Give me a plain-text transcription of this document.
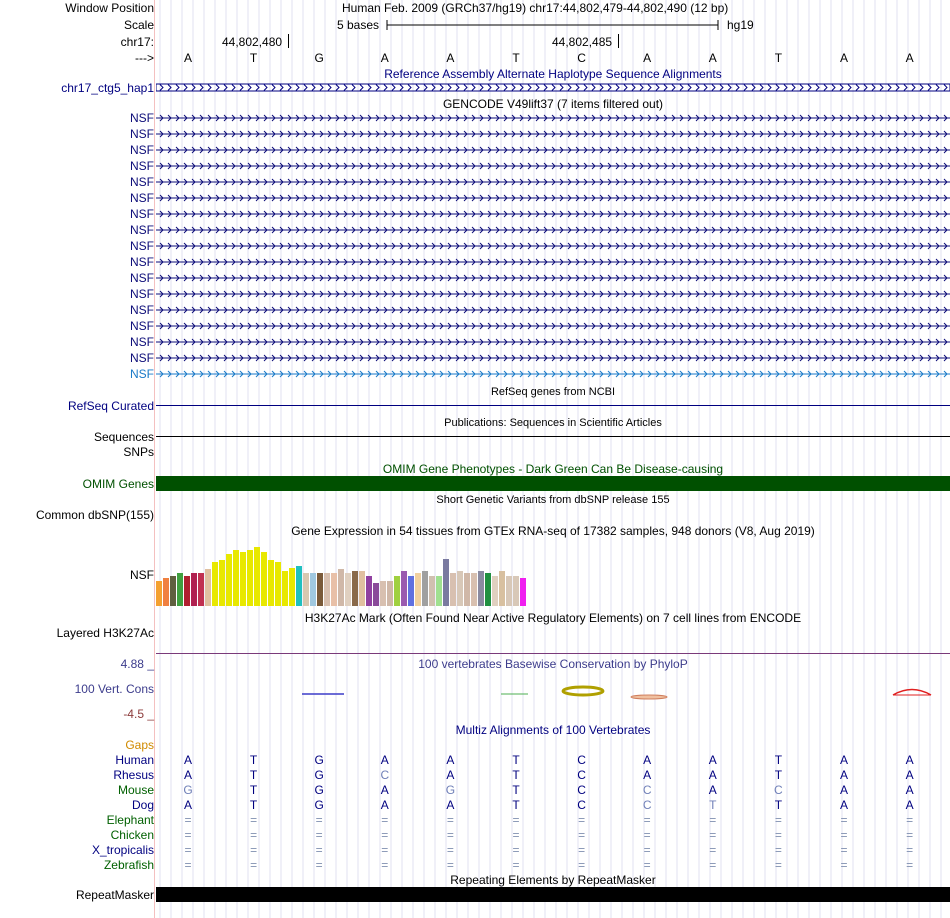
Window Position	Human Feb. 2009 (GRCh37/hg19) chr17:44,802,479-44,802,490 (12 bp)
Scale	5 bases	hg19
chr17:	44,802,480	44,802,485
---> A	T	G	A	A	T	C	A	A	T	A	A
Reference Assembly Alternate Haplotype Sequence Alignments
chr17_ctg5_hap1
GENCODE V49lift37 (7 items filtered out)
NSF
NSF
NSF
NSF
NSF
NSF
NSF
NSF
NSF
NSF
NSF
NSF
NSF
NSF
NSF
NSF
NSF
RefSeq genes from NCBI
RefSeq Curated
Publications: Sequences in Scientific Articles
Sequences
SNPs
OMIM Gene Phenotypes - Dark Green Can Be Disease-causing
OMIM Genes
Short Genetic Variants from dbSNP release 155
Common dbSNP(155)
Gene Expression in 54 tissues from GTEx RNA-seq of 17382 samples, 948 donors (V8, Aug 2019)
NSF
H3K27Ac Mark (Often Found Near Active Regulatory Elements) on 7 cell lines from ENCODE
Layered H3K27Ac
4.88 _	100 vertebrates Basewise Conservation by PhyloP
100 Vert. Cons
-4.5 _
Multiz Alignments of 100 Vertebrates
Gaps
Human A	T	G	A	A	T	C	A	A	T	A	A
Rhesus A	T	G	C	A	T	C	A	A	T	A	A
Mouse G	T	G	A	G	T	C	C	A	C	A	A
Dog A	T	G	A	A	T	C	C	T	T	A	A
Elephant	=	=	=	=	=	=	=	=	=	=	=	=
Chicken	=	=	=	=	=	=	=	=	=	=	=	=
X_tropicalis	=	=	=	=	=	=	=	=	=	=	=	=
Zebrafish	=	=	=	=	=	=	=	=	=	=	=	=
Repeating Elements by RepeatMasker
RepeatMasker
